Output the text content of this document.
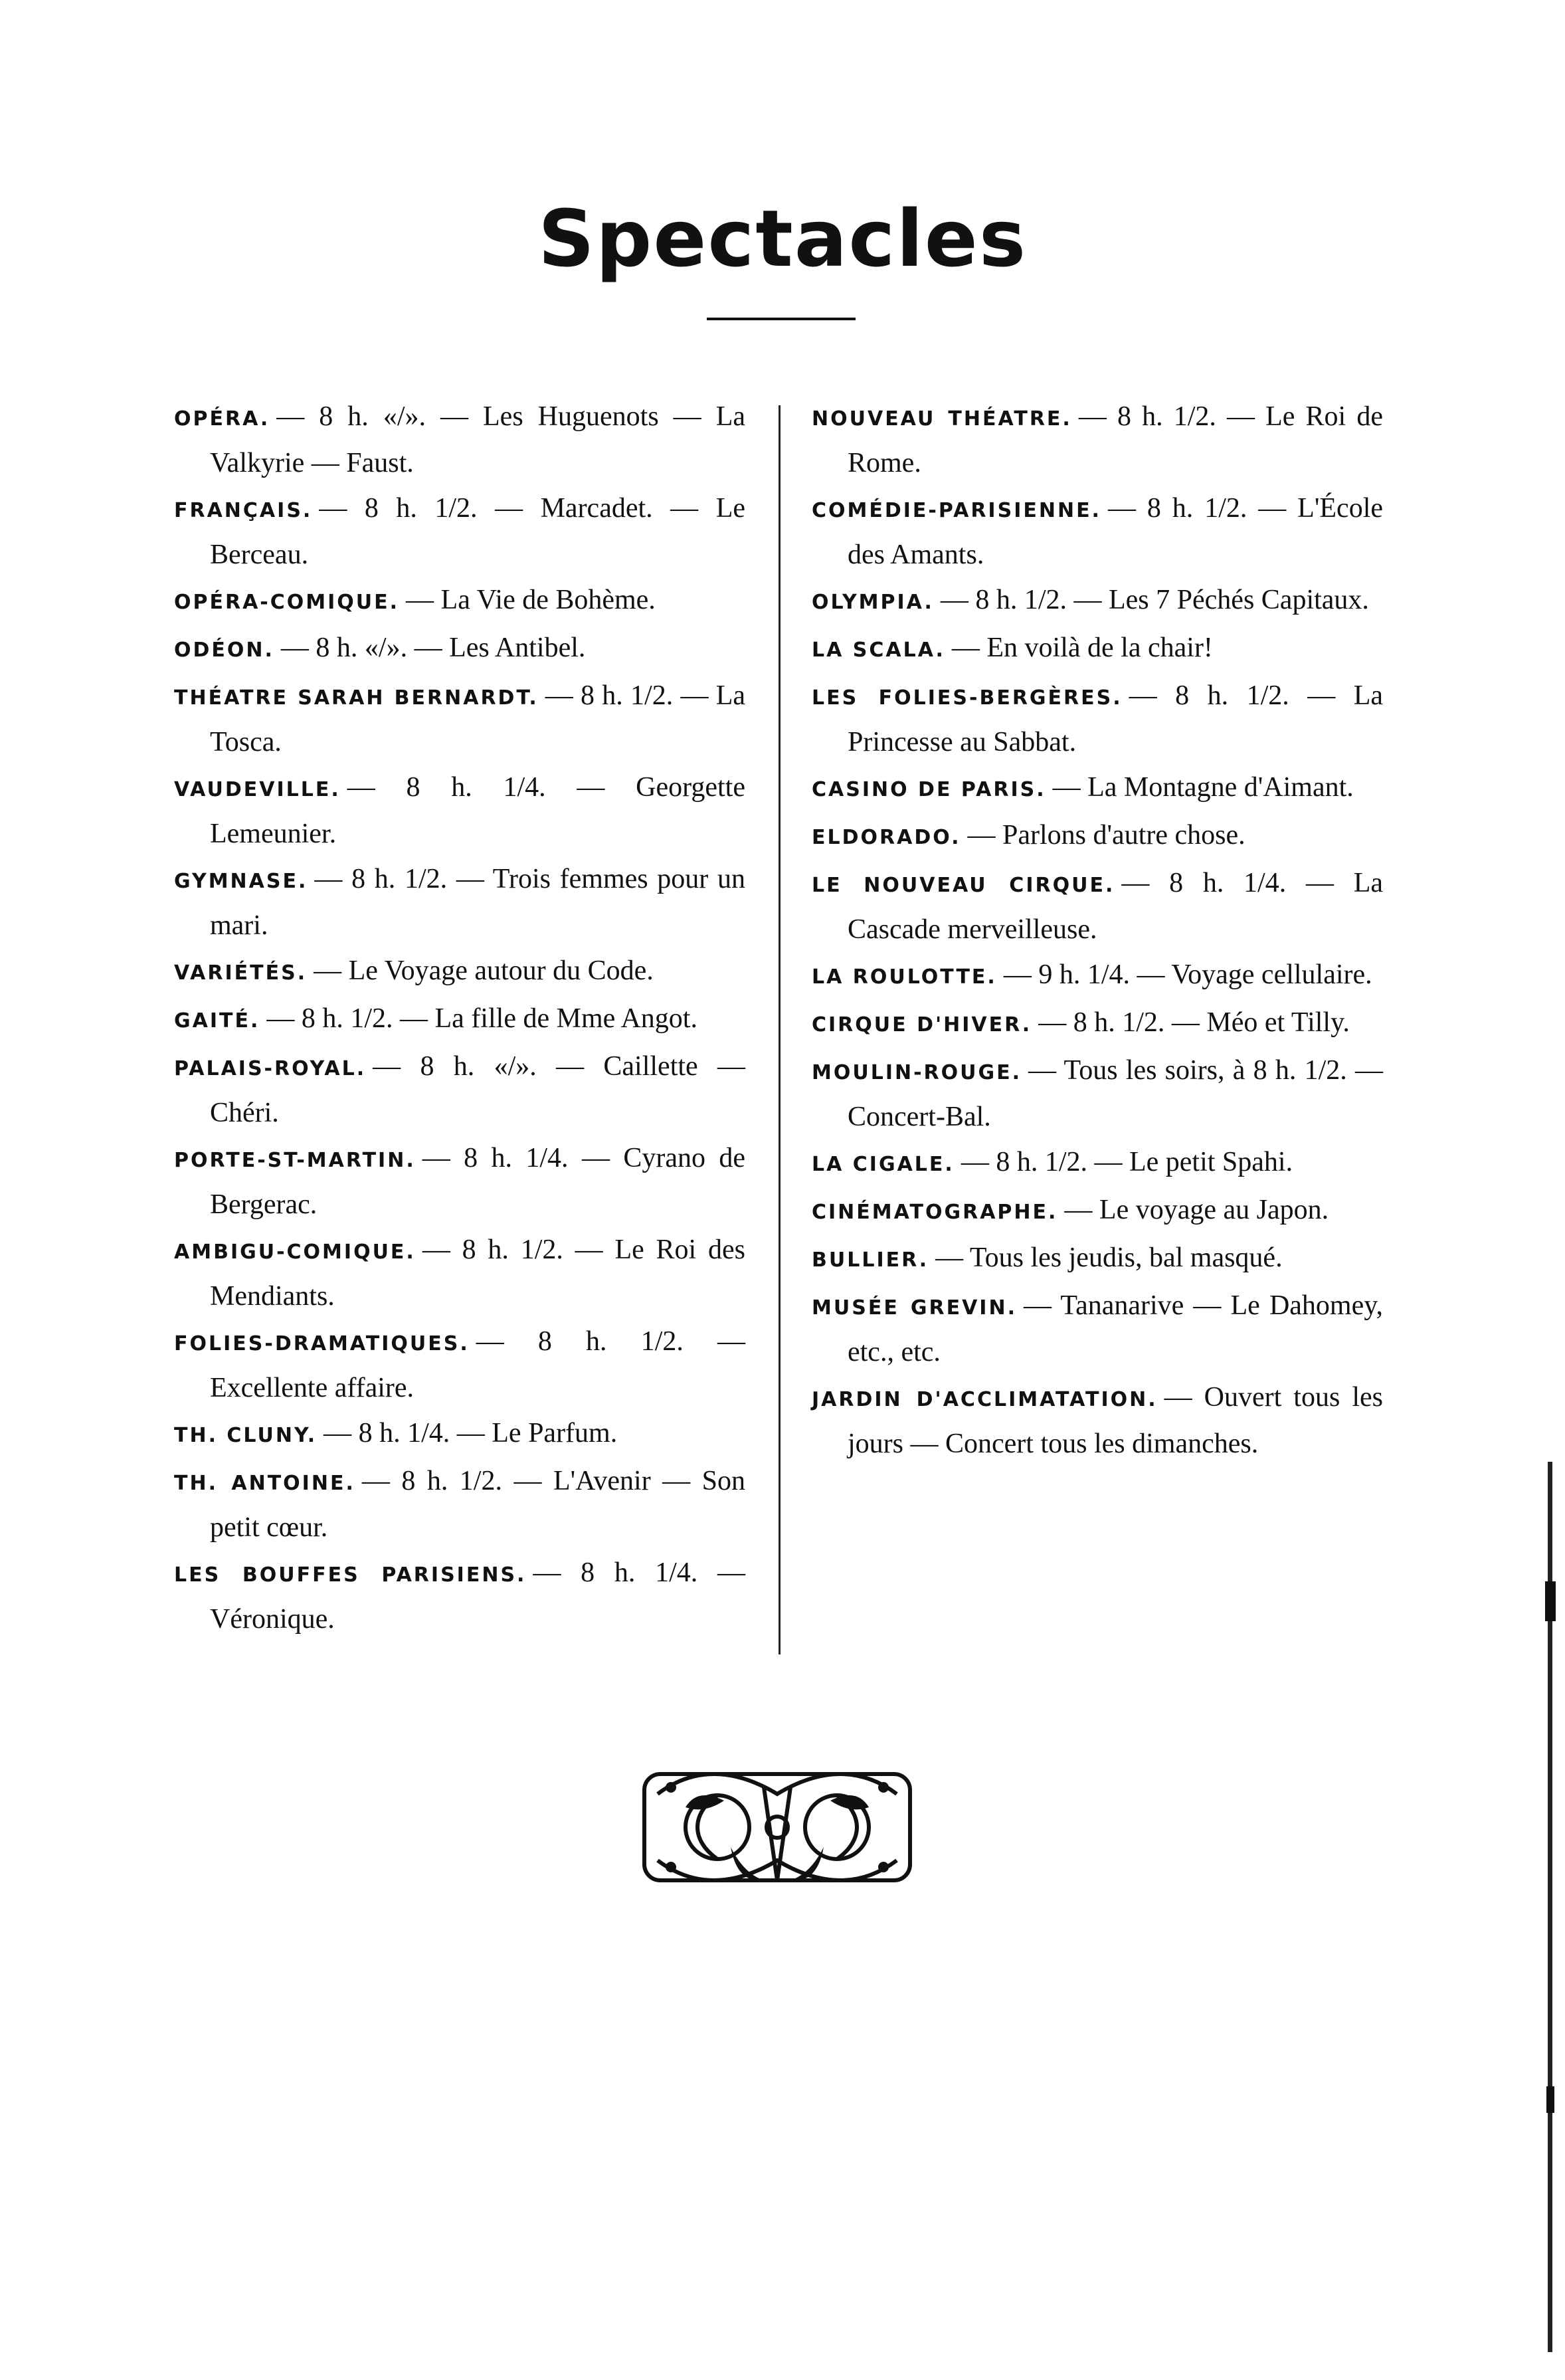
Spectacles

OPÉRA. — 8 h. «/». — Les Huguenots — La Valkyrie — Faust.

FRANÇAIS. — 8 h. 1/2. — Marcadet. — Le Berceau.

OPÉRA-COMIQUE. — La Vie de Bohème.

ODÉON. — 8 h. «/». — Les Antibel.

THÉATRE SARAH BERNARDT. — 8 h. 1/2. — La Tosca.

VAUDEVILLE. — 8 h. 1/4. — Georgette Lemeunier.

GYMNASE. — 8 h. 1/2. — Trois femmes pour un mari.

VARIÉTÉS. — Le Voyage autour du Code.

GAITÉ. — 8 h. 1/2. — La fille de Mme Angot.

PALAIS-ROYAL. — 8 h. «/». — Caillette — Chéri.

PORTE-ST-MARTIN. — 8 h. 1/4. — Cyrano de Bergerac.

AMBIGU-COMIQUE. — 8 h. 1/2. — Le Roi des Mendiants.

FOLIES-DRAMATIQUES. — 8 h. 1/2. — Excellente affaire.

TH. CLUNY. — 8 h. 1/4. — Le Parfum.

TH. ANTOINE. — 8 h. 1/2. — L'Avenir — Son petit cœur.

LES BOUFFES PARISIENS. — 8 h. 1/4. — Véronique.

NOUVEAU THÉATRE. — 8 h. 1/2. — Le Roi de Rome.

COMÉDIE-PARISIENNE. — 8 h. 1/2. — L'École des Amants.

OLYMPIA. — 8 h. 1/2. — Les 7 Péchés Capitaux.

LA SCALA. — En voilà de la chair!

LES FOLIES-BERGÈRES. — 8 h. 1/2. — La Princesse au Sabbat.

CASINO DE PARIS. — La Montagne d'Aimant.

ELDORADO. — Parlons d'autre chose.

LE NOUVEAU CIRQUE. — 8 h. 1/4. — La Cascade merveilleuse.

LA ROULOTTE. — 9 h. 1/4. — Voyage cellulaire.

CIRQUE D'HIVER. — 8 h. 1/2. — Méo et Tilly.

MOULIN-ROUGE. — Tous les soirs, à 8 h. 1/2. — Concert-Bal.

LA CIGALE. — 8 h. 1/2. — Le petit Spahi.

CINÉMATOGRAPHE. — Le voyage au Japon.

BULLIER. — Tous les jeudis, bal masqué.

MUSÉE GREVIN. — Tananarive — Le Dahomey, etc., etc.

JARDIN D'ACCLIMATATION. — Ouvert tous les jours — Concert tous les dimanches.
